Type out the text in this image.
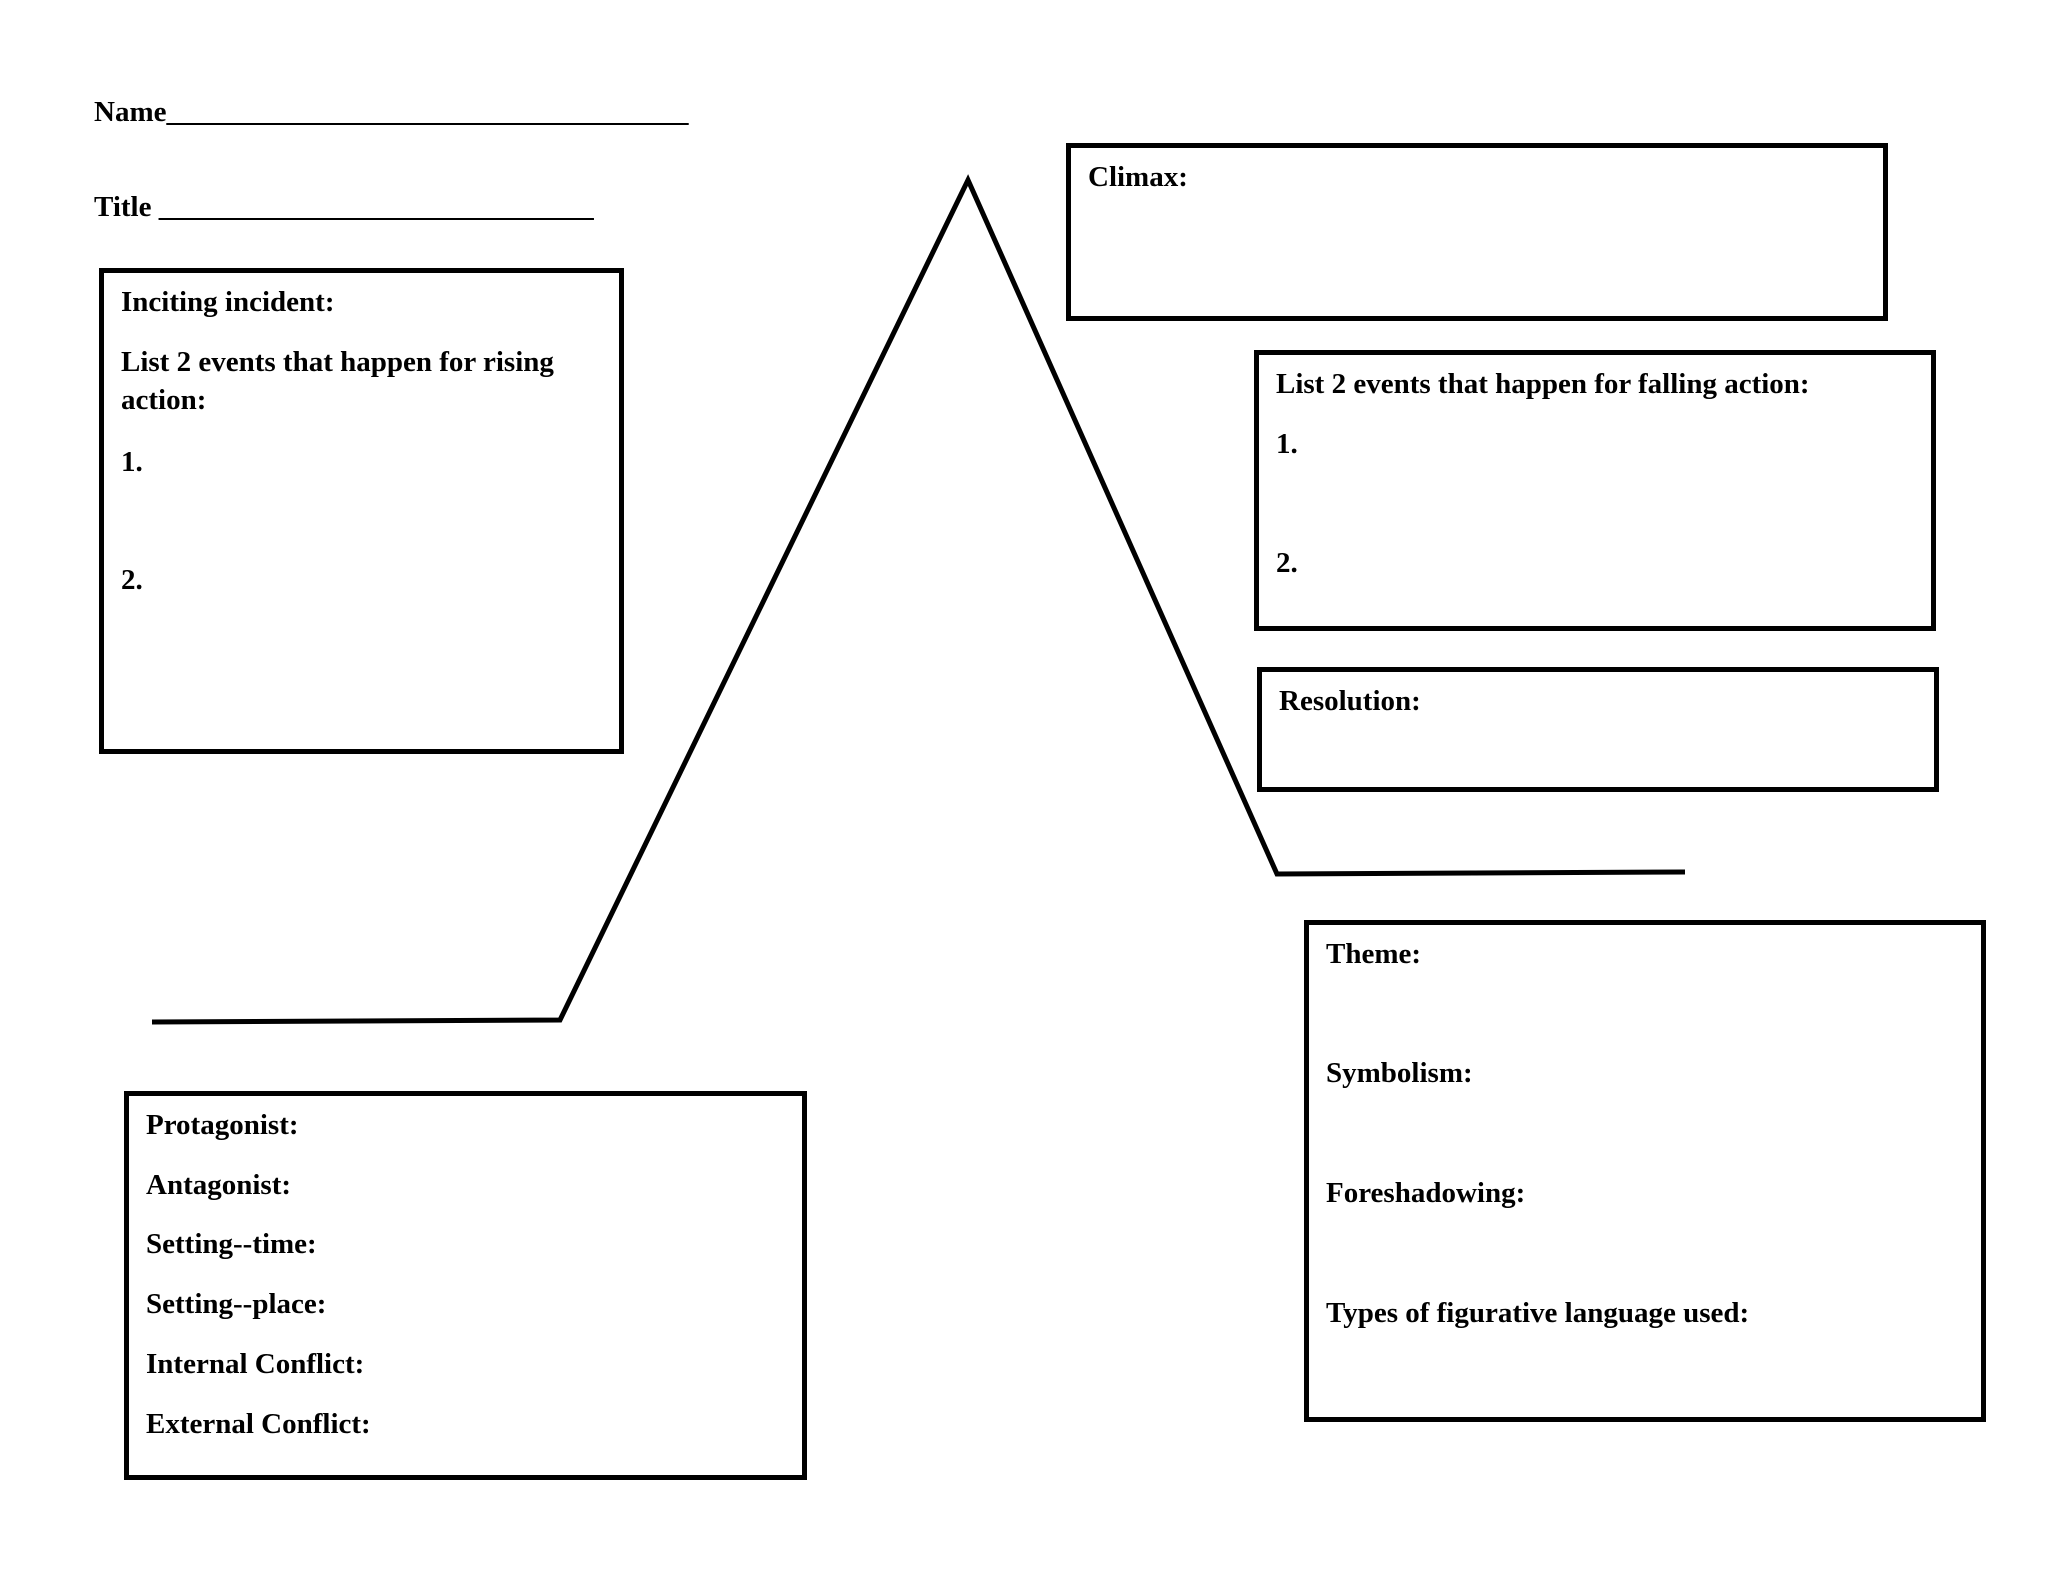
Name____________________________________
Title ______________________________
Inciting incident:
List 2 events that happen for rising action:
1.
2.
Climax:
List 2 events that happen for falling action:
1.
2.
Resolution:
Theme:
Symbolism:
Foreshadowing:
Types of figurative language used:
Protagonist:
Antagonist:
Setting--time:
Setting--place:
Internal Conflict:
External Conflict:
